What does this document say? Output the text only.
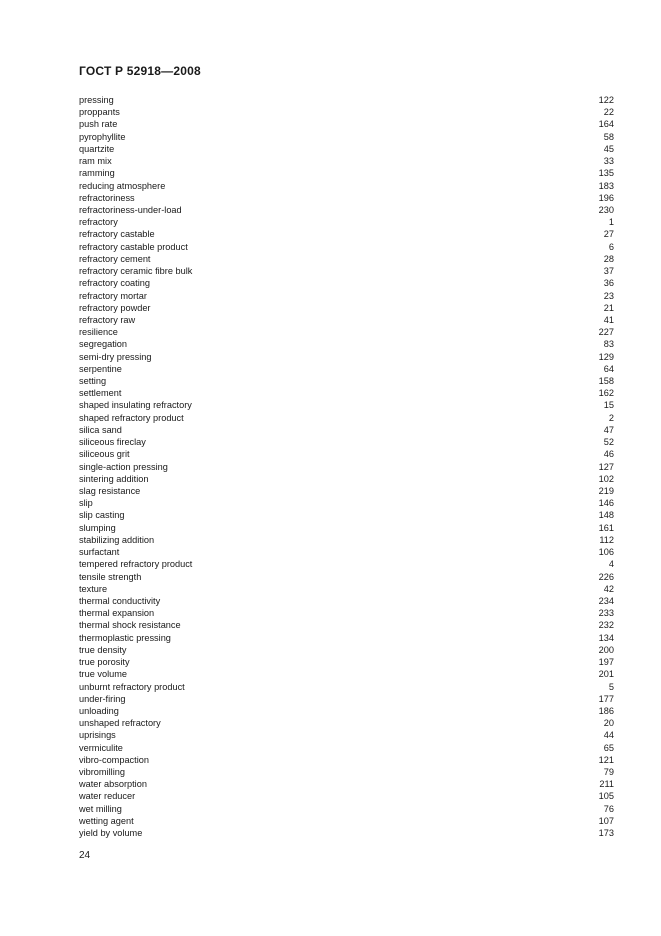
ГОСТ Р 52918—2008
pressing	122
proppants	22
push rate	164
pyrophyllite	58
quartzite	45
ram mix	33
ramming	135
reducing atmosphere	183
refractoriness	196
refractoriness-under-load	230
refractory	1
refractory castable	27
refractory castable product	6
refractory cement	28
refractory ceramic fibre bulk	37
refractory coating	36
refractory mortar	23
refractory powder	21
refractory raw	41
resilience	227
segregation	83
semi-dry pressing	129
serpentine	64
setting	158
settlement	162
shaped insulating refractory	15
shaped refractory product	2
silica sand	47
siliceous fireclay	52
siliceous grit	46
single-action pressing	127
sintering addition	102
slag resistance	219
slip	146
slip casting	148
slumping	161
stabilizing addition	112
surfactant	106
tempered refractory product	4
tensile strength	226
texture	42
thermal conductivity	234
thermal expansion	233
thermal shock resistance	232
thermoplastic pressing	134
true density	200
true porosity	197
true volume	201
unburnt refractory product	5
under-firing	177
unloading	186
unshaped refractory	20
uprisings	44
vermiculite	65
vibro-compaction	121
vibromilling	79
water absorption	211
water reducer	105
wet milling	76
wetting agent	107
yield by volume	173
24
